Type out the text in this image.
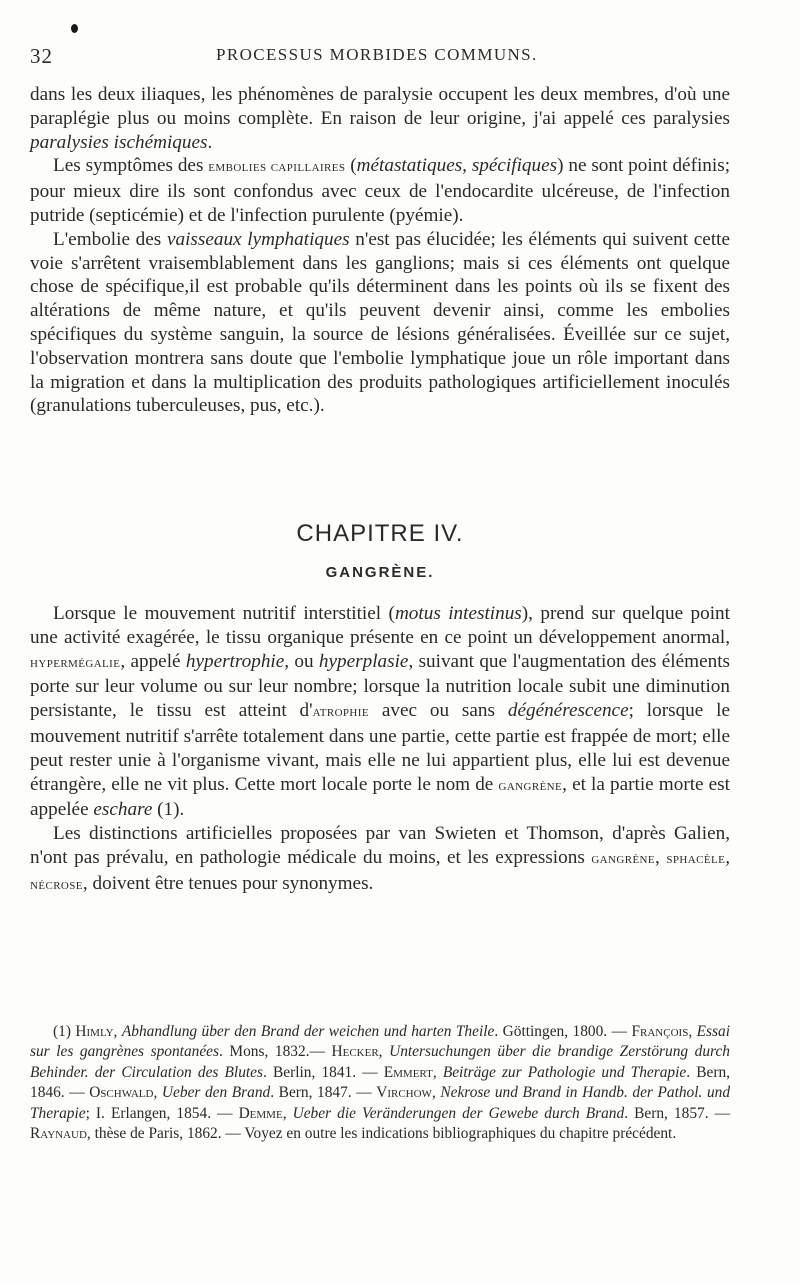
32	PROCESSUS MORBIDES COMMUNS.

dans les deux iliaques, les phénomènes de paralysie occupent les deux membres, d'où une paraplégie plus ou moins complète. En raison de leur origine, j'ai appelé ces paralysies paralysies ischémiques.

Les symptômes des embolies capillaires (métastatiques, spécifiques) ne sont point définis; pour mieux dire ils sont confondus avec ceux de l'endocardite ulcéreuse, de l'infection putride (septicémie) et de l'infection purulente (pyémie).

L'embolie des vaisseaux lymphatiques n'est pas élucidée; les éléments qui suivent cette voie s'arrêtent vraisemblablement dans les ganglions; mais si ces éléments ont quelque chose de spécifique,il est probable qu'ils déterminent dans les points où ils se fixent des altérations de même nature, et qu'ils peuvent devenir ainsi, comme les embolies spécifiques du système sanguin, la source de lésions généralisées. Éveillée sur ce sujet, l'observation montrera sans doute que l'embolie lymphatique joue un rôle important dans la migration et dans la multiplication des produits pathologiques artificiellement inoculés (granulations tuberculeuses, pus, etc.).

CHAPITRE IV.
GANGRÈNE.

Lorsque le mouvement nutritif interstitiel (motus intestinus), prend sur quelque point une activité exagérée, le tissu organique présente en ce point un développement anormal, hypermégalie, appelé hypertrophie, ou hyperplasie, suivant que l'augmentation des éléments porte sur leur volume ou sur leur nombre; lorsque la nutrition locale subit une diminution persistante, le tissu est atteint d'atrophie avec ou sans dégénérescence; lorsque le mouvement nutritif s'arrête totalement dans une partie, cette partie est frappée de mort; elle peut rester unie à l'organisme vivant, mais elle ne lui appartient plus, elle lui est devenue étrangère, elle ne vit plus. Cette mort locale porte le nom de gangrène, et la partie morte est appelée eschare (1).

Les distinctions artificielles proposées par van Swieten et Thomson, d'après Galien, n'ont pas prévalu, en pathologie médicale du moins, et les expressions gangrène, sphacèle, nécrose, doivent être tenues pour synonymes.

(1) Himly, Abhandlung über den Brand der weichen und harten Theile. Göttingen, 1800. — François, Essai sur les gangrènes spontanées. Mons, 1832.— Hecker, Untersuchungen über die brandige Zerstörung durch Behinder. der Circulation des Blutes. Berlin, 1841. — Emmert, Beiträge zur Pathologie und Therapie. Bern, 1846. — Oschwald, Ueber den Brand. Bern, 1847. — Virchow, Nekrose und Brand in Handb. der Pathol. und Therapie; I. Erlangen, 1854. — Demme, Ueber die Veränderungen der Gewebe durch Brand. Bern, 1857. — Raynaud, thèse de Paris, 1862. — Voyez en outre les indications bibliographiques du chapitre précédent.
